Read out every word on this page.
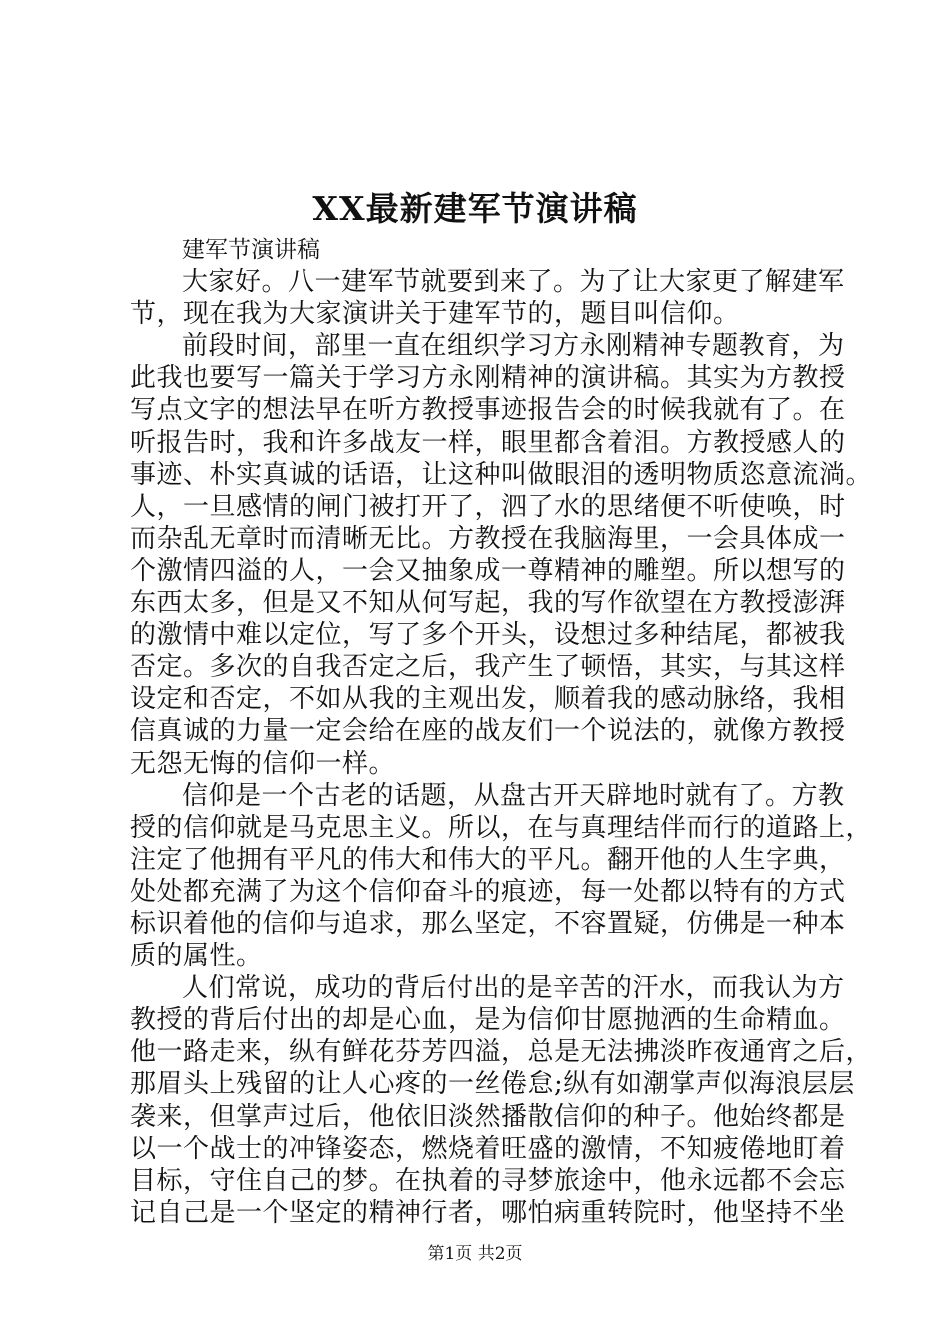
XX最新建军节演讲稿
建军节演讲稿
大家好。八一建军节就要到来了。为了让大家更了解建军
节，现在我为大家演讲关于建军节的，题目叫信仰。
前段时间，部里一直在组织学习方永刚精神专题教育，为
此我也要写一篇关于学习方永刚精神的演讲稿。其实为方教授
写点文字的想法早在听方教授事迹报告会的时候我就有了。在
听报告时，我和许多战友一样，眼里都含着泪。方教授感人的
事迹、朴实真诚的话语，让这种叫做眼泪的透明物质恣意流淌。
人，一旦感情的闸门被打开了，泗了水的思绪便不听使唤，时
而杂乱无章时而清晰无比。方教授在我脑海里，一会具体成一
个激情四溢的人，一会又抽象成一尊精神的雕塑。所以想写的
东西太多，但是又不知从何写起，我的写作欲望在方教授澎湃
的激情中难以定位，写了多个开头，设想过多种结尾，都被我
否定。多次的自我否定之后，我产生了顿悟，其实，与其这样
设定和否定，不如从我的主观出发，顺着我的感动脉络，我相
信真诚的力量一定会给在座的战友们一个说法的，就像方教授
无怨无悔的信仰一样。
信仰是一个古老的话题，从盘古开天辟地时就有了。方教
授的信仰就是马克思主义。所以，在与真理结伴而行的道路上，
注定了他拥有平凡的伟大和伟大的平凡。翻开他的人生字典，
处处都充满了为这个信仰奋斗的痕迹，每一处都以特有的方式
标识着他的信仰与追求，那么坚定，不容置疑，仿佛是一种本
质的属性。
人们常说，成功的背后付出的是辛苦的汗水，而我认为方
教授的背后付出的却是心血，是为信仰甘愿抛洒的生命精血。
他一路走来，纵有鲜花芬芳四溢，总是无法拂淡昨夜通宵之后，
那眉头上残留的让人心疼的一丝倦怠;纵有如潮掌声似海浪层层
袭来，但掌声过后，他依旧淡然播散信仰的种子。他始终都是
以一个战士的冲锋姿态，燃烧着旺盛的激情，不知疲倦地盯着
目标，守住自己的梦。在执着的寻梦旅途中，他永远都不会忘
记自己是一个坚定的精神行者，哪怕病重转院时，他坚持不坐
第1页 共2页
